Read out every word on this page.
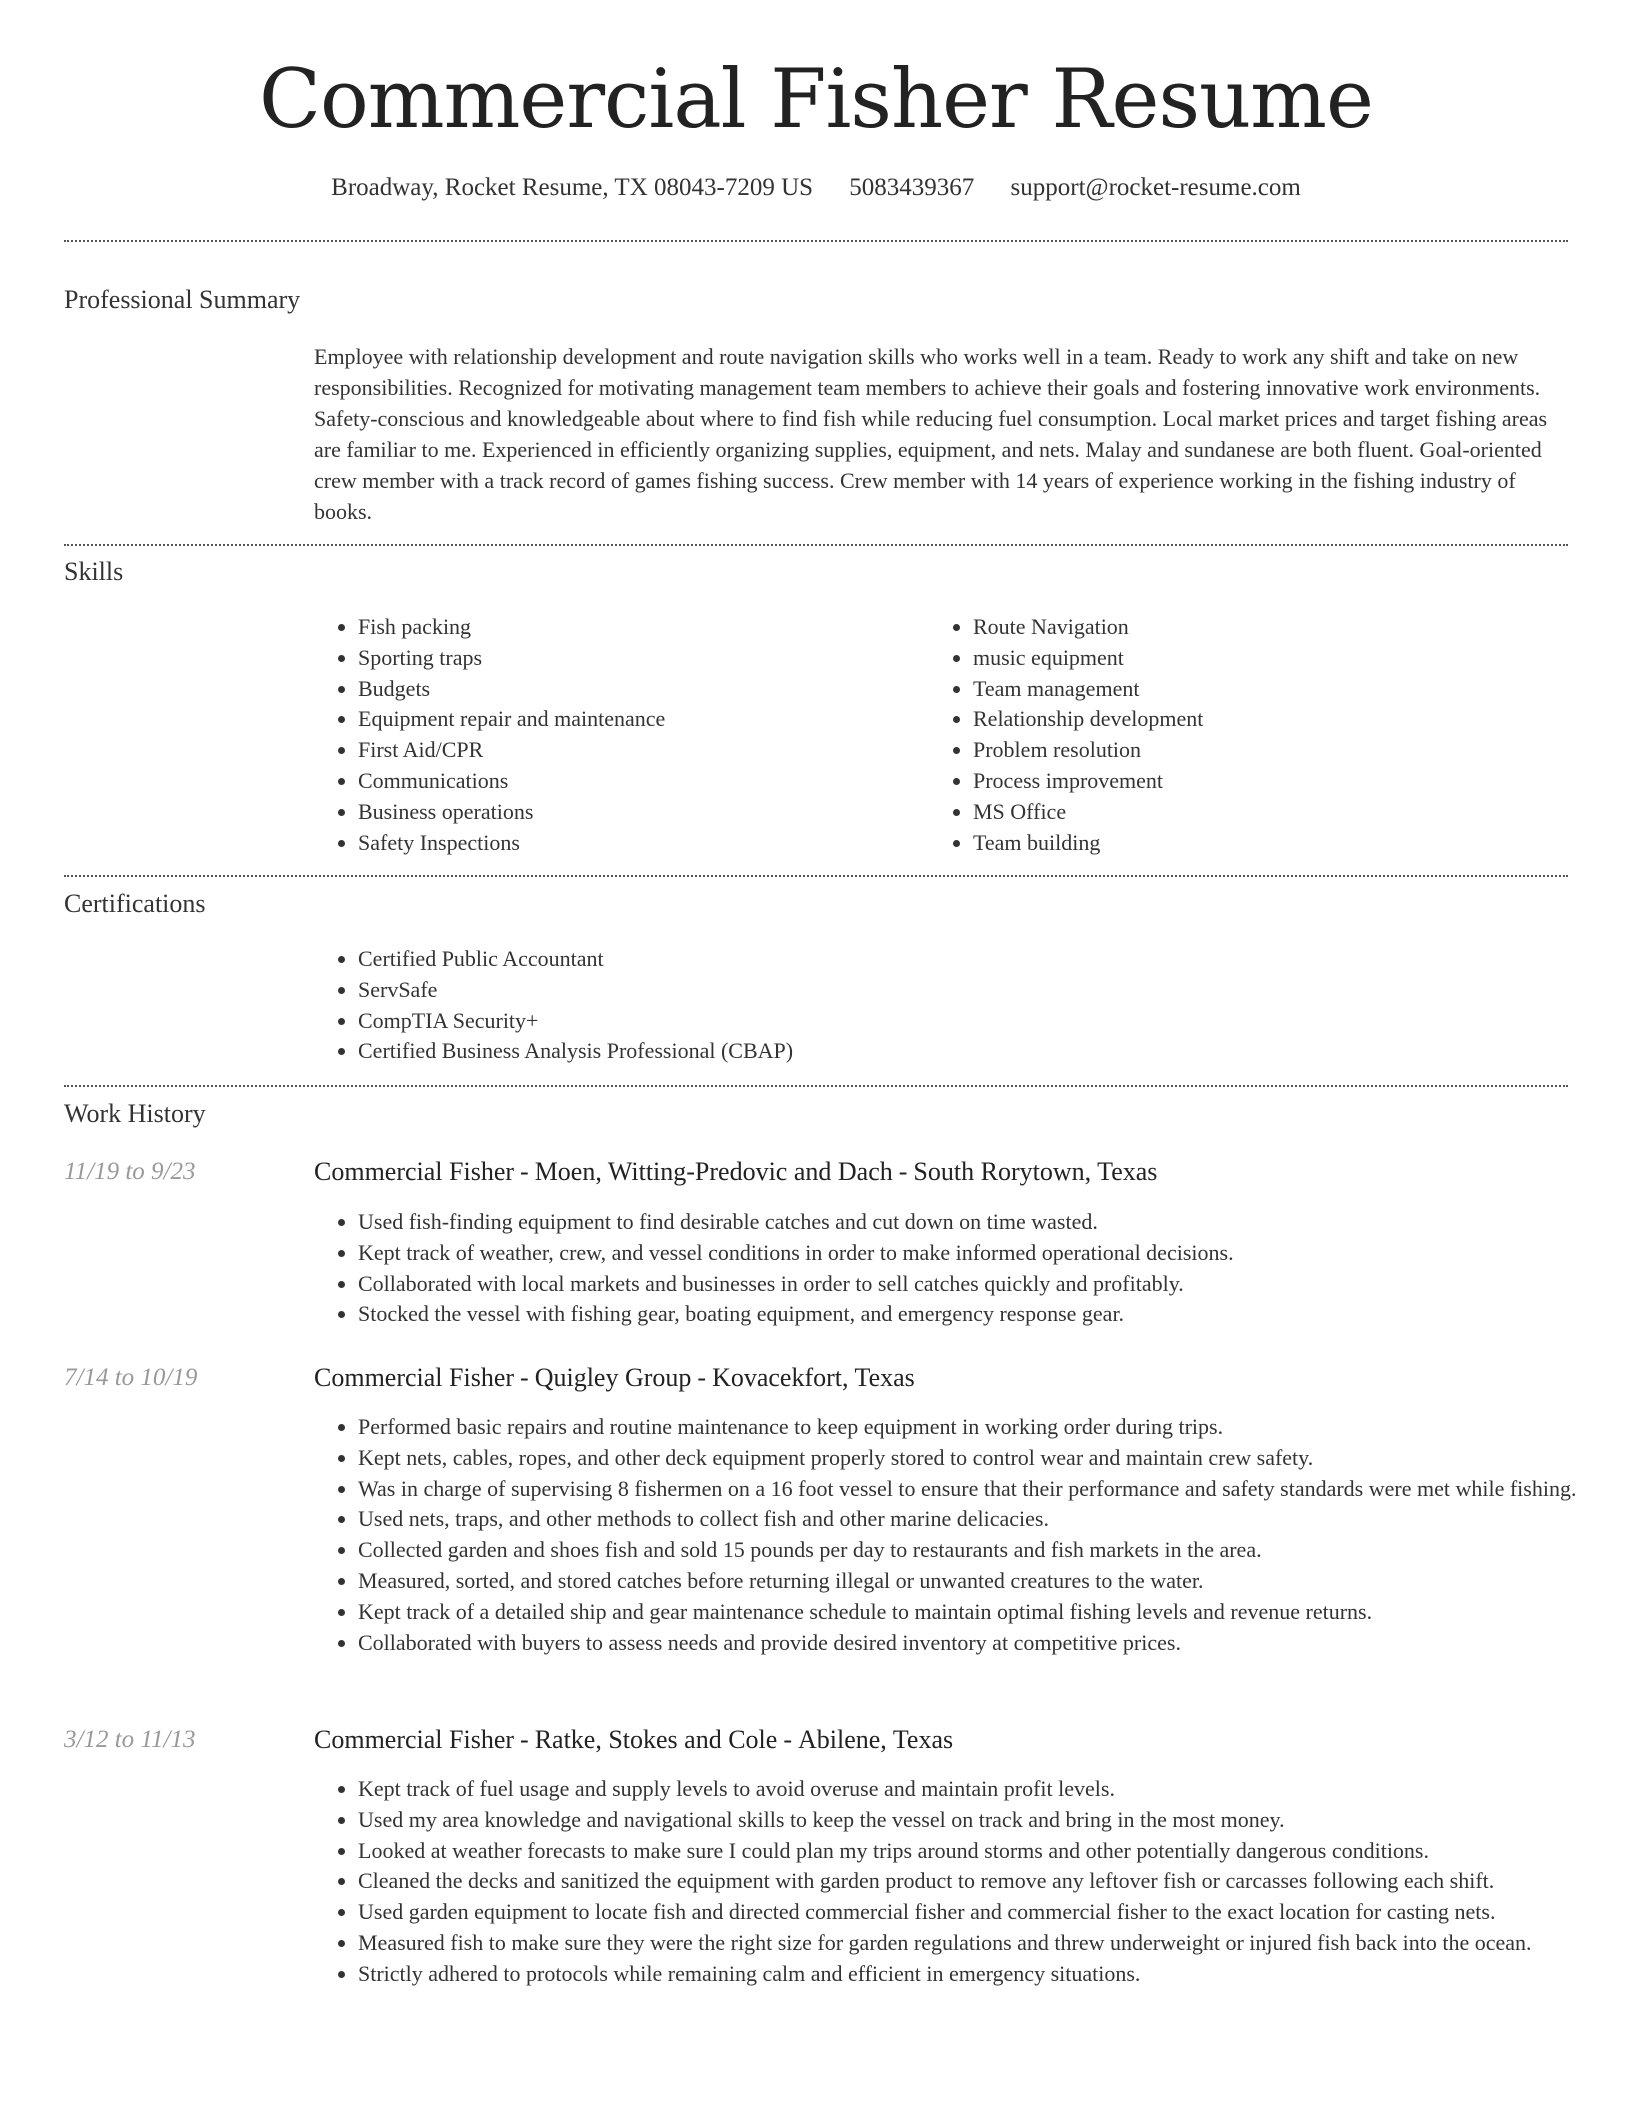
Commercial Fisher Resume
Broadway, Rocket Resume, TX 08043-7209 US 5083439367 support@rocket-resume.com
Professional Summary

Employee with relationship development and route navigation skills who works well in a team. Ready to work any shift and take on new responsibilities. Recognized for motivating management team members to achieve their goals and fostering innovative work environments. Safety-conscious and knowledgeable about where to find fish while reducing fuel consumption. Local market prices and target fishing areas are familiar to me. Experienced in efficiently organizing supplies, equipment, and nets. Malay and sundanese are both fluent. Goal-oriented crew member with a track record of games fishing success. Crew member with 14 years of experience working in the fishing industry of books.

Skills
• Fish packing
• Sporting traps
• Budgets
• Equipment repair and maintenance
• First Aid/CPR
• Communications
• Business operations
• Safety Inspections
• Route Navigation
• music equipment
• Team management
• Relationship development
• Problem resolution
• Process improvement
• MS Office
• Team building
Certifications
• Certified Public Accountant
• ServSafe
• CompTIA Security+
• Certified Business Analysis Professional (CBAP)
Work History
11/19 to 9/23	Commercial Fisher - Moen, Witting-Predovic and Dach - South Rorytown, Texas
• Used fish-finding equipment to find desirable catches and cut down on time wasted.
• Kept track of weather, crew, and vessel conditions in order to make informed operational decisions.
• Collaborated with local markets and businesses in order to sell catches quickly and profitably.
• Stocked the vessel with fishing gear, boating equipment, and emergency response gear.
7/14 to 10/19	Commercial Fisher - Quigley Group - Kovacekfort, Texas
• Performed basic repairs and routine maintenance to keep equipment in working order during trips.
• Kept nets, cables, ropes, and other deck equipment properly stored to control wear and maintain crew safety.
• Was in charge of supervising 8 fishermen on a 16 foot vessel to ensure that their performance and safety standards were met while fishing.
• Used nets, traps, and other methods to collect fish and other marine delicacies.
• Collected garden and shoes fish and sold 15 pounds per day to restaurants and fish markets in the area.
• Measured, sorted, and stored catches before returning illegal or unwanted creatures to the water.
• Kept track of a detailed ship and gear maintenance schedule to maintain optimal fishing levels and revenue returns.
• Collaborated with buyers to assess needs and provide desired inventory at competitive prices.
3/12 to 11/13	Commercial Fisher - Ratke, Stokes and Cole - Abilene, Texas
• Kept track of fuel usage and supply levels to avoid overuse and maintain profit levels.
• Used my area knowledge and navigational skills to keep the vessel on track and bring in the most money.
• Looked at weather forecasts to make sure I could plan my trips around storms and other potentially dangerous conditions.
• Cleaned the decks and sanitized the equipment with garden product to remove any leftover fish or carcasses following each shift.
• Used garden equipment to locate fish and directed commercial fisher and commercial fisher to the exact location for casting nets.
• Measured fish to make sure they were the right size for garden regulations and threw underweight or injured fish back into the ocean.
• Strictly adhered to protocols while remaining calm and efficient in emergency situations.
